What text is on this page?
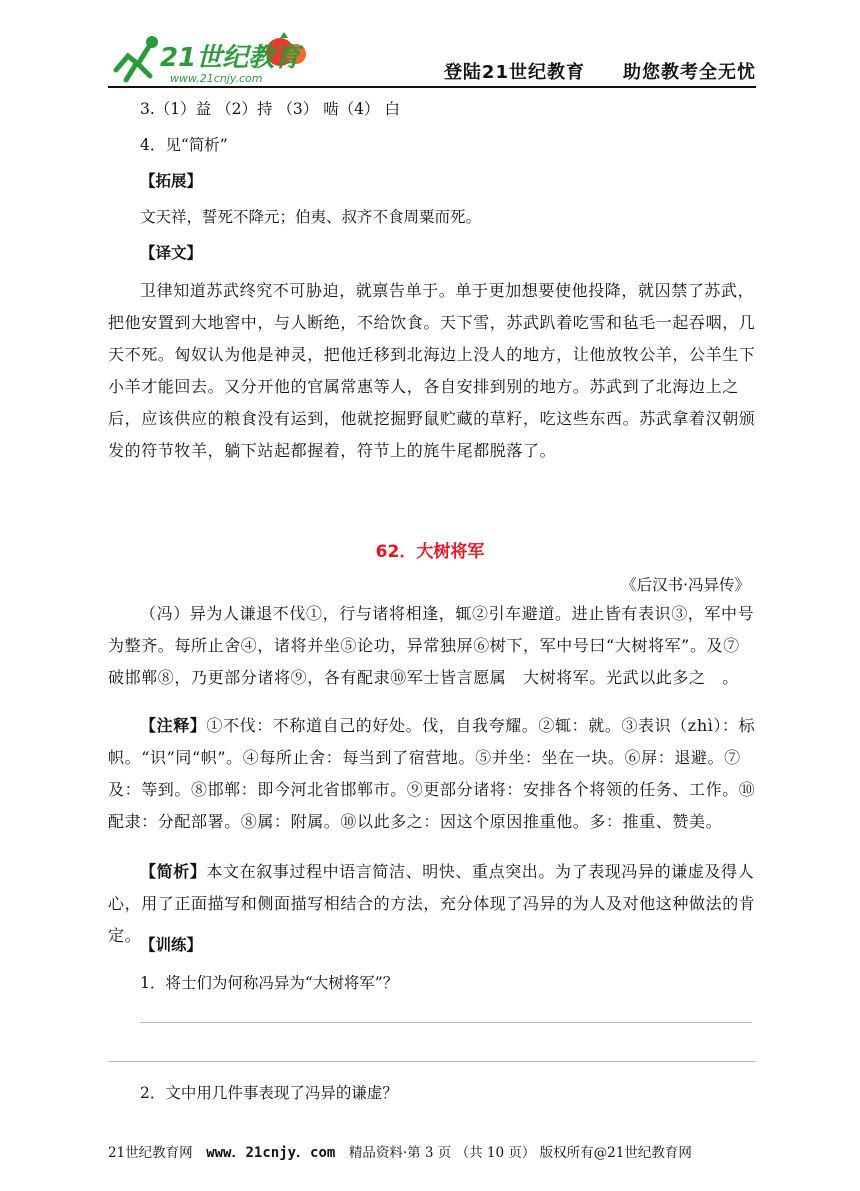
21世纪教育
www.21cnjy.com	登陆21世纪教育　　助您教考全无忧
3.（1）益 （2）持 （3） 啮（4） 白
4．见“简析”
【拓展】
文天祥，誓死不降元；伯夷、叔齐不食周粟而死。
【译文】
卫律知道苏武终究不可胁迫，就禀告单于。单于更加想要使他投降，就囚禁了苏武，把他安置到大地窖中，与人断绝，不给饮食。天下雪，苏武趴着吃雪和毡毛一起吞咽，几天不死。匈奴认为他是神灵，把他迁移到北海边上没人的地方，让他放牧公羊，公羊生下小羊才能回去。又分开他的官属常惠等人，各自安排到别的地方。苏武到了北海边上之后，应该供应的粮食没有运到，他就挖掘野鼠贮藏的草籽，吃这些东西。苏武拿着汉朝颁发的符节牧羊，躺下站起都握着，符节上的旄牛尾都脱落了。
62．大树将军
《后汉书·冯异传》
（冯）异为人谦退不伐①，行与诸将相逢，辄②引车避道。进止皆有表识③，军中号为整齐。每所止舍④，诸将并坐⑤论功，异常独屏⑥树下，军中号曰“大树将军”。及⑦破邯郸⑧，乃更部分诸将⑨，各有配隶⑩军士皆言愿属　大树将军。光武以此多之　。
【注释】①不伐：不称道自己的好处。伐，自我夸耀。②辄：就。③表识（zhì）：标帜。“识”同“帜”。④每所止舍：每当到了宿营地。⑤并坐：坐在一块。⑥屏：退避。⑦及：等到。⑧邯郸：即今河北省邯郸市。⑨更部分诸将：安排各个将领的任务、工作。⑩配隶：分配部署。⑧属：附属。⑩以此多之：因这个原因推重他。多：推重、赞美。
【简析】本文在叙事过程中语言简洁、明快、重点突出。为了表现冯异的谦虚及得人心，用了正面描写和侧面描写相结合的方法，充分体现了冯异的为人及对他这种做法的肯定。
【训练】
1．将士们为何称冯异为“大树将军”？
2．文中用几件事表现了冯异的谦虚？
21世纪教育网　www．21cnjy．com　精品资料·第 3 页 （共 10 页） 版权所有@21世纪教育网
